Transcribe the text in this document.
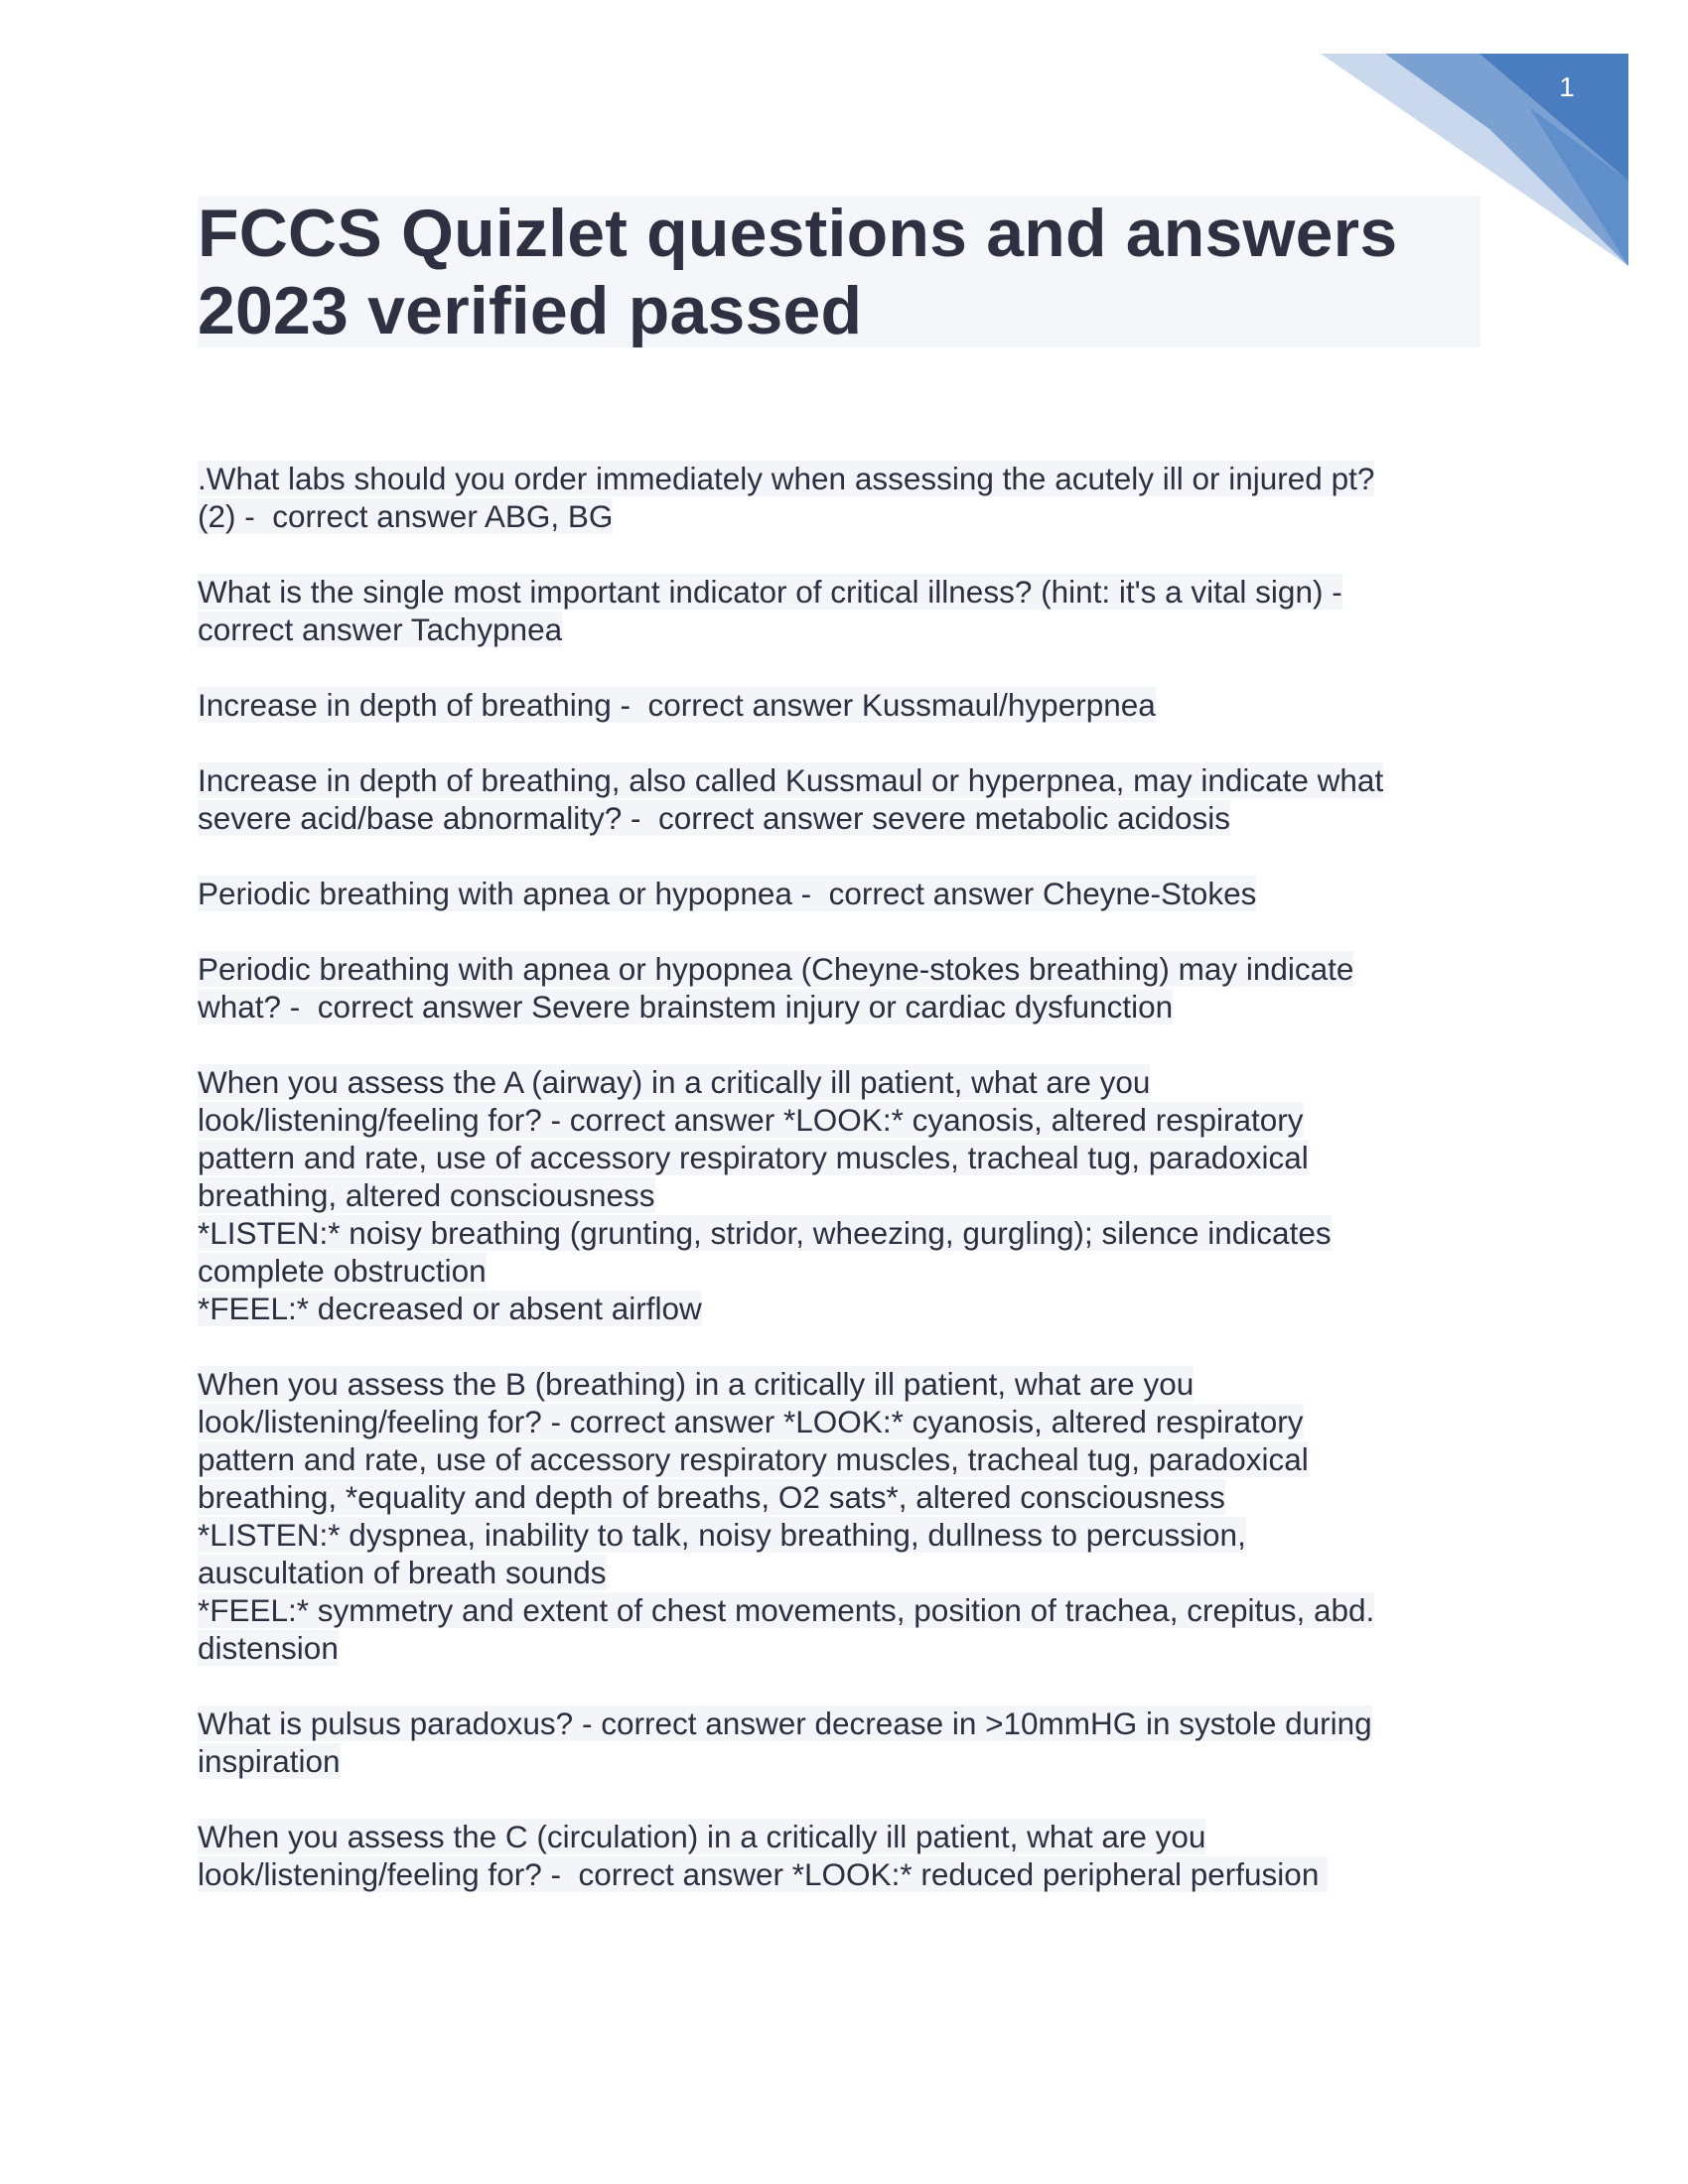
1
FCCS Quizlet questions and answers
2023 verified passed
.What labs should you order immediately when assessing the acutely ill or injured pt?
(2) -  correct answer ABG, BG
What is the single most important indicator of critical illness? (hint: it's a vital sign) -
correct answer Tachypnea
Increase in depth of breathing -  correct answer Kussmaul/hyperpnea
Increase in depth of breathing, also called Kussmaul or hyperpnea, may indicate what
severe acid/base abnormality? -  correct answer severe metabolic acidosis
Periodic breathing with apnea or hypopnea -  correct answer Cheyne-Stokes
Periodic breathing with apnea or hypopnea (Cheyne-stokes breathing) may indicate
what? -  correct answer Severe brainstem injury or cardiac dysfunction
When you assess the A (airway) in a critically ill patient, what are you
look/listening/feeling for? - correct answer *LOOK:* cyanosis, altered respiratory
pattern and rate, use of accessory respiratory muscles, tracheal tug, paradoxical
breathing, altered consciousness
*LISTEN:* noisy breathing (grunting, stridor, wheezing, gurgling); silence indicates
complete obstruction
*FEEL:* decreased or absent airflow
When you assess the B (breathing) in a critically ill patient, what are you
look/listening/feeling for? - correct answer *LOOK:* cyanosis, altered respiratory
pattern and rate, use of accessory respiratory muscles, tracheal tug, paradoxical
breathing, *equality and depth of breaths, O2 sats*, altered consciousness
*LISTEN:* dyspnea, inability to talk, noisy breathing, dullness to percussion,
auscultation of breath sounds
*FEEL:* symmetry and extent of chest movements, position of trachea, crepitus, abd.
distension
What is pulsus paradoxus? - correct answer decrease in >10mmHG in systole during
inspiration
When you assess the C (circulation) in a critically ill patient, what are you
look/listening/feeling for? -  correct answer *LOOK:* reduced peripheral perfusion
